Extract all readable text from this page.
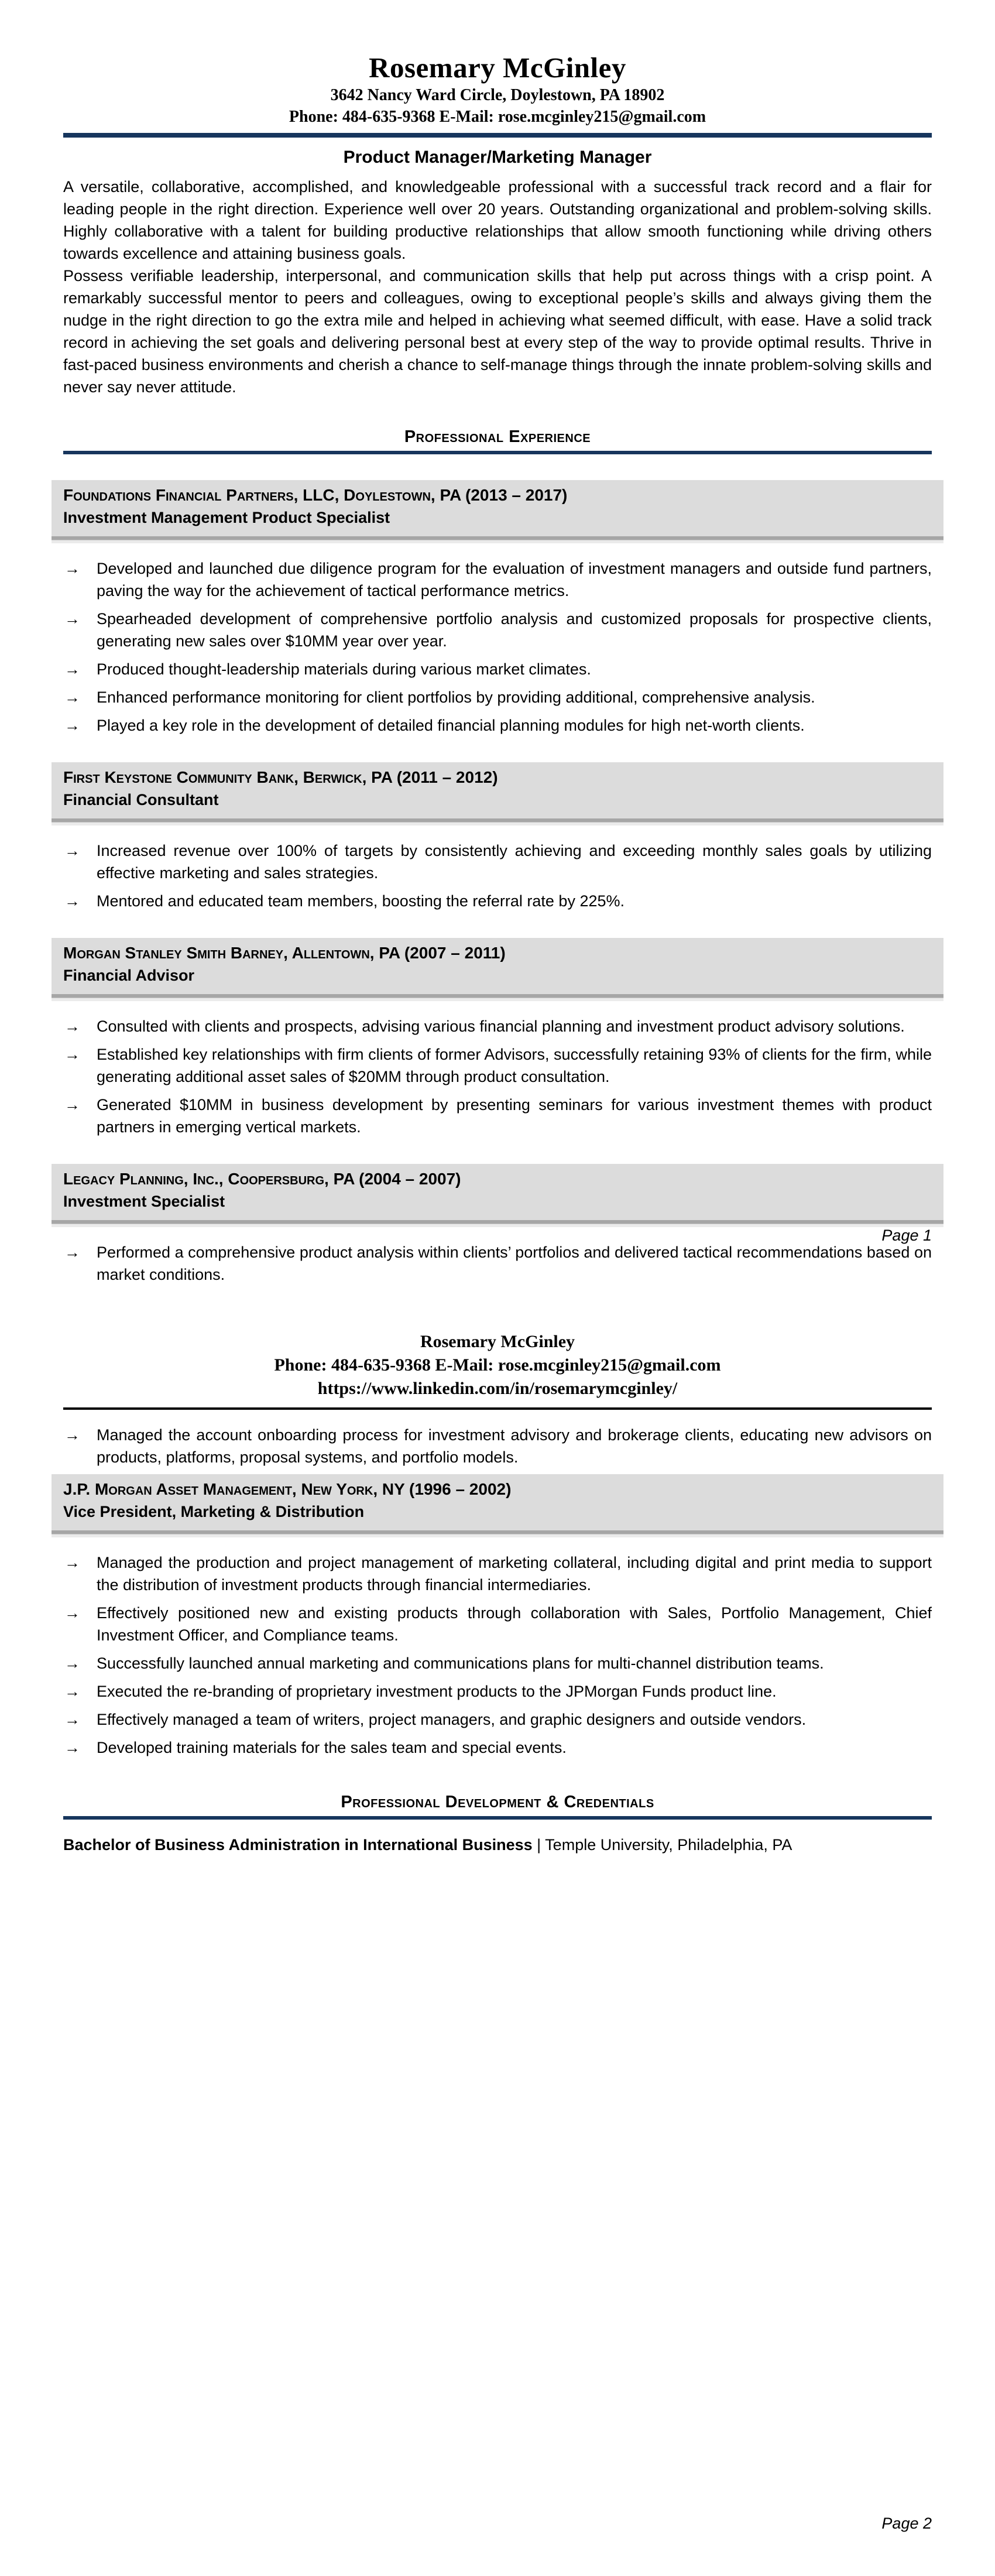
Rosemary McGinley
3642 Nancy Ward Circle, Doylestown, PA 18902
Phone: 484-635-9368 E-Mail: rose.mcginley215@gmail.com
Product Manager/Marketing Manager

A versatile, collaborative, accomplished, and knowledgeable professional with a successful track record and a flair for leading people in the right direction. Experience well over 20 years. Outstanding organizational and problem-solving skills. Highly collaborative with a talent for building productive relationships that allow smooth functioning while driving others towards excellence and attaining business goals.

Possess verifiable leadership, interpersonal, and communication skills that help put across things with a crisp point. A remarkably successful mentor to peers and colleagues, owing to exceptional people’s skills and always giving them the nudge in the right direction to go the extra mile and helped in achieving what seemed difficult, with ease. Have a solid track record in achieving the set goals and delivering personal best at every step of the way to provide optimal results. Thrive in fast-paced business environments and cherish a chance to self-manage things through the innate problem-solving skills and never say never attitude.

Professional Experience
Foundations Financial Partners, LLC, Doylestown, PA (2013 – 2017)
Investment Management Product Specialist
→ Developed and launched due diligence program for the evaluation of investment managers and outside fund partners, paving the way for the achievement of tactical performance metrics.
→ Spearheaded development of comprehensive portfolio analysis and customized proposals for prospective clients, generating new sales over $10MM year over year.
→ Produced thought-leadership materials during various market climates.
→ Enhanced performance monitoring for client portfolios by providing additional, comprehensive analysis.
→ Played a key role in the development of detailed financial planning modules for high net-worth clients.
First Keystone Community Bank, Berwick, PA (2011 – 2012)
Financial Consultant
→ Increased revenue over 100% of targets by consistently achieving and exceeding monthly sales goals by utilizing effective marketing and sales strategies.
→ Mentored and educated team members, boosting the referral rate by 225%.
Morgan Stanley Smith Barney, Allentown, PA (2007 – 2011)
Financial Advisor
→ Consulted with clients and prospects, advising various financial planning and investment product advisory solutions.
→ Established key relationships with firm clients of former Advisors, successfully retaining 93% of clients for the firm, while generating additional asset sales of $20MM through product consultation.
→ Generated $10MM in business development by presenting seminars for various investment themes with product partners in emerging vertical markets.
Legacy Planning, Inc., Coopersburg, PA (2004 – 2007)
Investment Specialist
→ Performed a comprehensive product analysis within clients’ portfolios and delivered tactical recommendations based on market conditions.
Page 1
Rosemary McGinley
Phone: 484-635-9368 E-Mail: rose.mcginley215@gmail.com
https://www.linkedin.com/in/rosemarymcginley/
→ Managed the account onboarding process for investment advisory and brokerage clients, educating new advisors on products, platforms, proposal systems, and portfolio models.
J.P. Morgan Asset Management, New York, NY (1996 – 2002)
Vice President, Marketing & Distribution
→ Managed the production and project management of marketing collateral, including digital and print media to support the distribution of investment products through financial intermediaries.
→ Effectively positioned new and existing products through collaboration with Sales, Portfolio Management, Chief Investment Officer, and Compliance teams.
→ Successfully launched annual marketing and communications plans for multi-channel distribution teams.
→ Executed the re-branding of proprietary investment products to the JPMorgan Funds product line.
→ Effectively managed a team of writers, project managers, and graphic designers and outside vendors.
→ Developed training materials for the sales team and special events.
Professional Development & Credentials

Bachelor of Business Administration in International Business | Temple University, Philadelphia, PA

Page 2
